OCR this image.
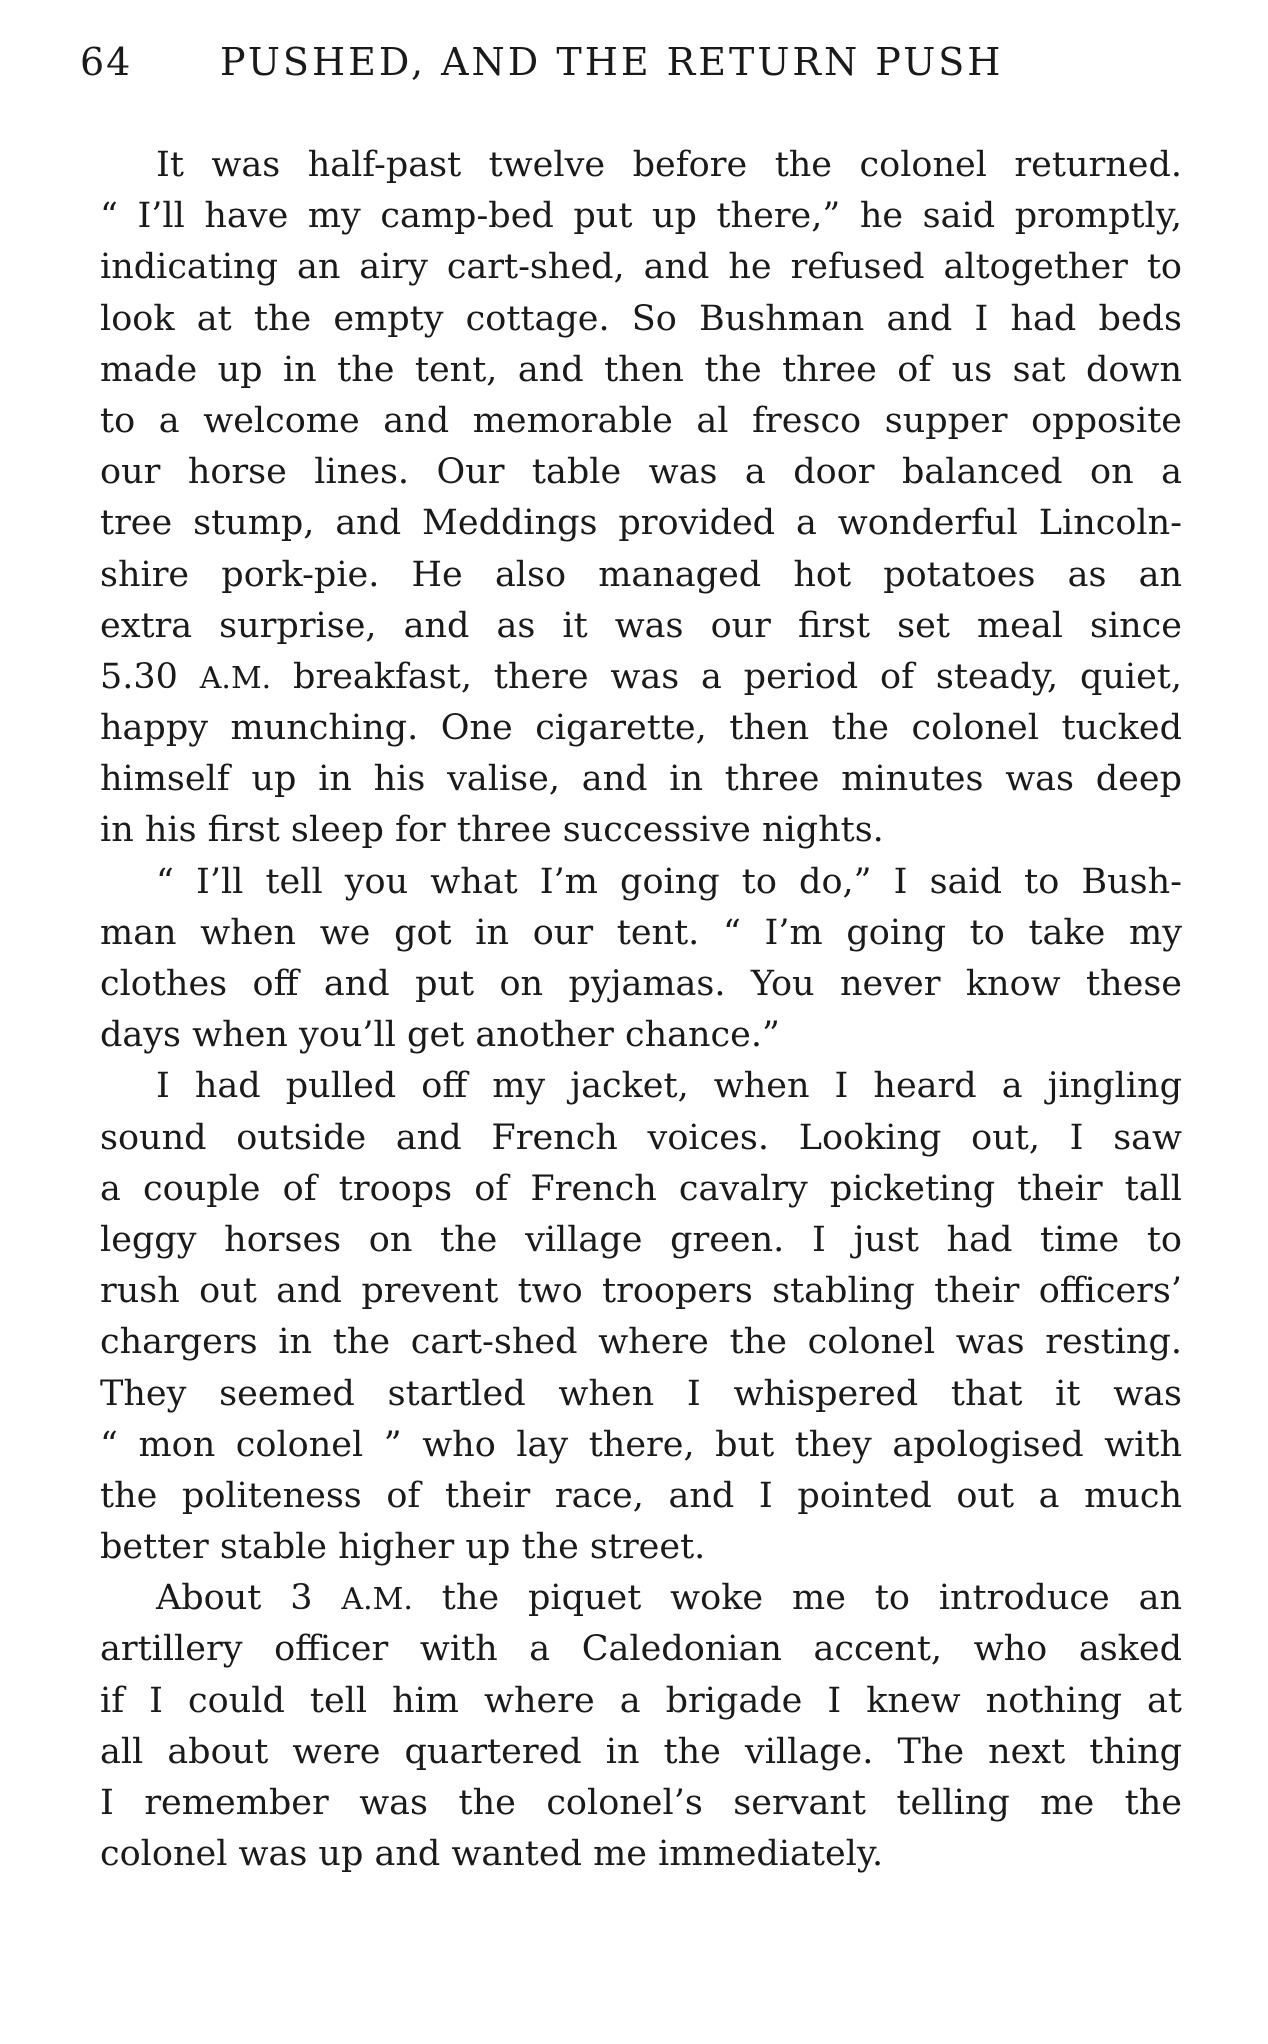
64 PUSHED, AND THE RETURN PUSH
It was half-past twelve before the colonel returned.
“ I’ll have my camp-bed put up there,” he said promptly,
indicating an airy cart-shed, and he refused altogether to
look at the empty cottage. So Bushman and I had beds
made up in the tent, and then the three of us sat down
to a welcome and memorable al fresco supper opposite
our horse lines. Our table was a door balanced on a
tree stump, and Meddings provided a wonderful Lincoln-
shire pork-pie. He also managed hot potatoes as an
extra surprise, and as it was our first set meal since
5.30 A.M. breakfast, there was a period of steady, quiet,
happy munching. One cigarette, then the colonel tucked
himself up in his valise, and in three minutes was deep
in his first sleep for three successive nights.
“ I’ll tell you what I’m going to do,” I said to Bush-
man when we got in our tent. “ I’m going to take my
clothes off and put on pyjamas. You never know these
days when you’ll get another chance.”
I had pulled off my jacket, when I heard a jingling
sound outside and French voices. Looking out, I saw
a couple of troops of French cavalry picketing their tall
leggy horses on the village green. I just had time to
rush out and prevent two troopers stabling their officers’
chargers in the cart-shed where the colonel was resting.
They seemed startled when I whispered that it was
“ mon colonel ” who lay there, but they apologised with
the politeness of their race, and I pointed out a much
better stable higher up the street.
About 3 A.M. the piquet woke me to introduce an
artillery officer with a Caledonian accent, who asked
if I could tell him where a brigade I knew nothing at
all about were quartered in the village. The next thing
I remember was the colonel’s servant telling me the
colonel was up and wanted me immediately.
